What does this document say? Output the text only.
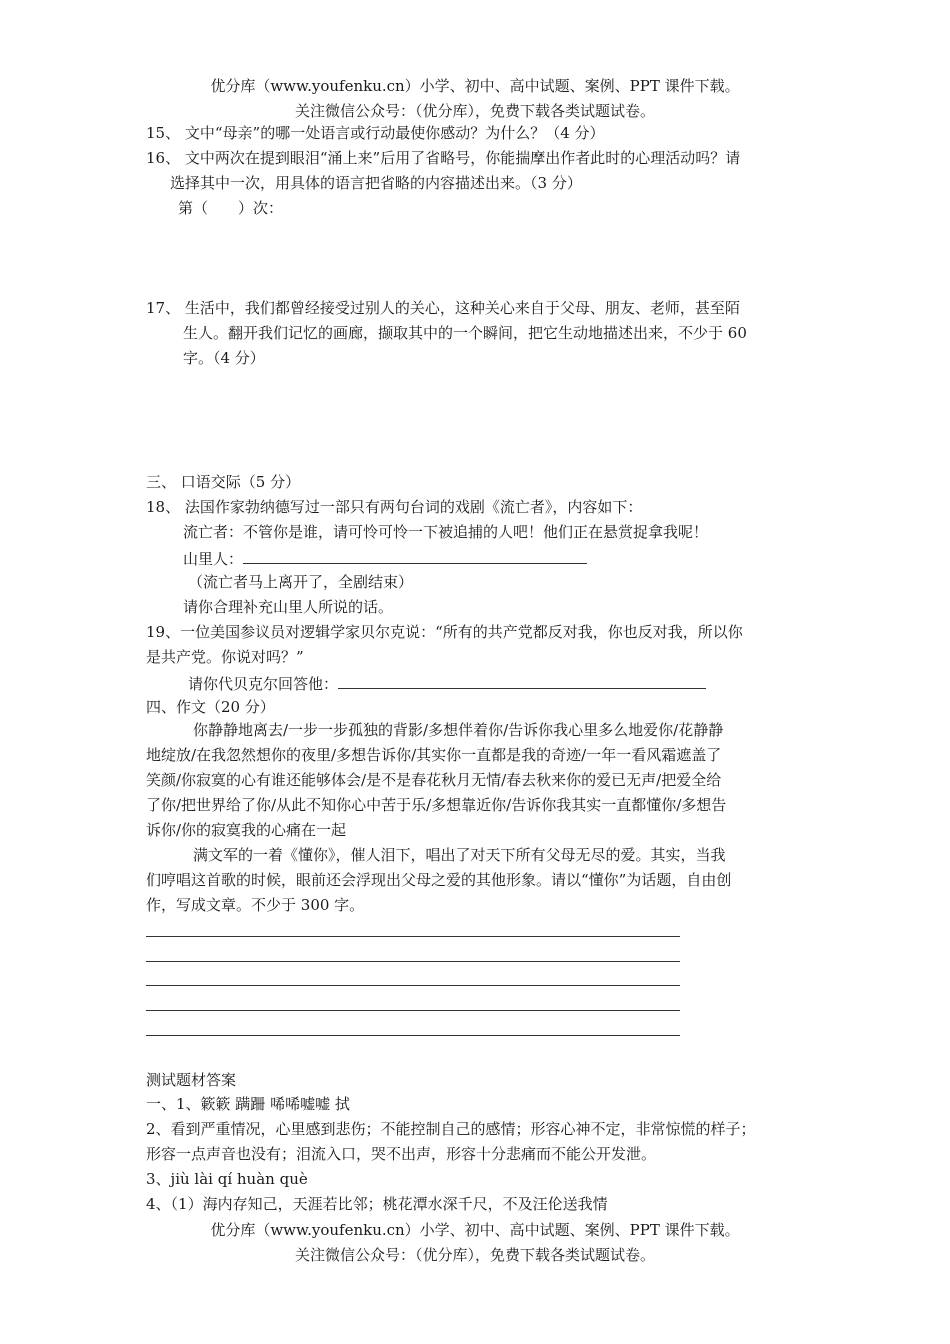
优分库（www.youfenku.cn）小学、初中、高中试题、案例、PPT 课件下载。
关注微信公众号：（优分库），免费下载各类试题试卷。
15、 文中“母亲”的哪一处语言或行动最使你感动？为什么？（4 分）
16、 文中两次在提到眼泪“涌上来”后用了省略号，你能揣摩出作者此时的心理活动吗？请
选择其中一次，用具体的语言把省略的内容描述出来。（3 分）
第（　　）次：
17、 生活中，我们都曾经接受过别人的关心，这种关心来自于父母、朋友、老师，甚至陌
生人。翻开我们记忆的画廊，撷取其中的一个瞬间，把它生动地描述出来，不少于 60
字。（4 分）
三、 口语交际（5 分）
18、 法国作家勃纳德写过一部只有两句台词的戏剧《流亡者》，内容如下：
流亡者：不管你是谁，请可怜可怜一下被追捕的人吧！他们正在悬赏捉拿我呢！
山里人：
（流亡者马上离开了，全剧结束）
请你合理补充山里人所说的话。
19、一位美国参议员对逻辑学家贝尔克说：“所有的共产党都反对我，你也反对我，所以你
是共产党。你说对吗？”
请你代贝克尔回答他：
四、作文（20 分）
你静静地离去/一步一步孤独的背影/多想伴着你/告诉你我心里多么地爱你/花静静
地绽放/在我忽然想你的夜里/多想告诉你/其实你一直都是我的奇迹/一年一看风霜遮盖了
笑颜/你寂寞的心有谁还能够体会/是不是春花秋月无情/春去秋来你的爱已无声/把爱全给
了你/把世界给了你/从此不知你心中苦于乐/多想靠近你/告诉你我其实一直都懂你/多想告
诉你/你的寂寞我的心痛在一起
满文军的一着《懂你》，催人泪下，唱出了对天下所有父母无尽的爱。其实，当我
们哼唱这首歌的时候，眼前还会浮现出父母之爱的其他形象。请以“懂你”为话题，自由创
作，写成文章。不少于 300 字。
测试题材答案
一、1、簌簌 蹒跚 唏唏嘘嘘 拭
2、看到严重情况，心里感到悲伤；不能控制自己的感情；形容心神不定，非常惊慌的样子；
形容一点声音也没有；泪流入口，哭不出声，形容十分悲痛而不能公开发泄。
3、jiù lài qí huàn què
4、（1）海内存知己，天涯若比邻；桃花潭水深千尺，不及汪伦送我情
优分库（www.youfenku.cn）小学、初中、高中试题、案例、PPT 课件下载。
关注微信公众号：（优分库），免费下载各类试题试卷。
